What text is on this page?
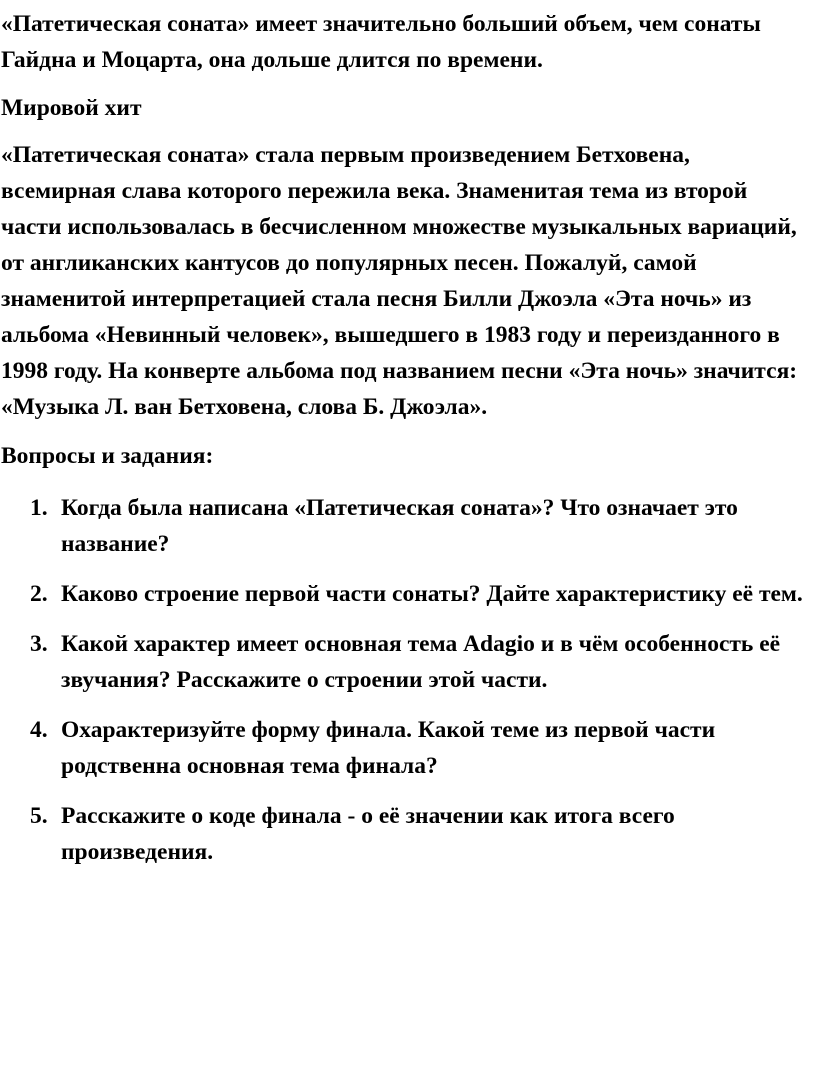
«Патетическая соната» имеет значительно больший объем, чем сонаты Гайдна и Моцарта, она дольше длится по времени.

Мировой хит

«Патетическая соната» стала первым произведением Бетховена, всемирная слава которого пережила века. Знаменитая тема из второй части использовалась в бесчисленном множестве музыкальных вариаций, от англиканских кантусов до популярных песен. Пожалуй, самой знаменитой интерпретацией стала песня Билли Джоэла «Эта ночь» из альбома «Невинный человек», вышедшего в 1983 году и переизданного в 1998 году. На конверте альбома под названием песни «Эта ночь» значится: «Музыка Л. ван Бетховена, слова Б. Джоэла».

Вопросы и задания:

1. Когда была написана «Патетическая соната»? Что означает это название?
2. Каково строение первой части сонаты? Дайте характеристику её тем.
3. Какой характер имеет основная тема Adagio и в чём особенность её звучания? Расскажите о строении этой части.
4. Охарактеризуйте форму финала. Какой теме из первой части родственна основная тема финала?
5. Расскажите о коде финала - о её значении как итога всего произведения.
